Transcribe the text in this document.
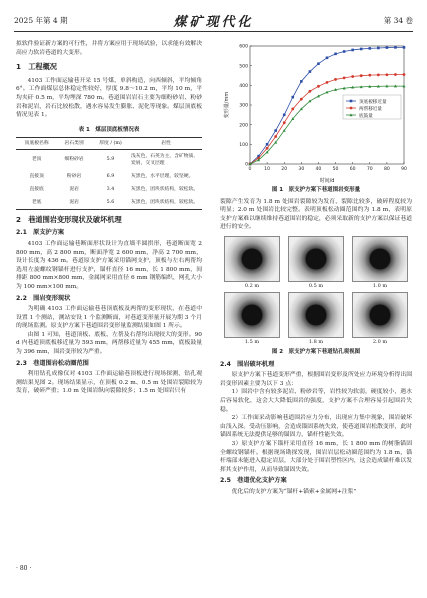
2025 年第 4 期	煤矿现代化	第 34 卷

拟软件验证新方案的可行性，并将方案应用于现场试验，以求能有效解决高应力软岩巷道的大变形。

1　工程概况

4103 工作面运输巷开采 15 号煤，单斜构造，向西倾斜，平均倾角 6°。工作面煤层总体稳定性较好，厚度 9.8～10.2 m，平均 10 m，平均夹矸 0.5 m，平均埋深 780 m。巷道围岩岩石主要为细粉砂岩、粉砂岩和泥岩，岩石比较松散，遇水容易发生膨胀、泥化等现象。煤层顶底板情况见表 1。

表 1　煤层顶底板情况表
顶底板名称	岩石类别	厚度 / (m)	岩性
老顶	细粉砂岩	5.9	浅灰色，石英为主，含矿物质、炭屑，交叉层理
直接顶	粉砂岩	6.9	灰黑色，水平层理，较坚硬。
直接底	泥岩	3.4	灰黑色，团块状结构，较松软。
老底	泥岩	5.6	灰黑色，团块状结构，较松软。
2　巷道围岩变形现状及破坏机理
2.1　原支护方案

4103 工作面运输巷断面形状设计为直墙半圆拱形，巷道断面宽 2 800 mm，高 2 800 mm，断面净宽 2 600 mm，净高 2 700 mm，设计长度为 436 m。巷道原支护方案采用锚网支护，顶板与左右两帮均选用左旋螺纹钢锚杆进行支护，锚杆直径 16 mm，长 1 800 mm，间排距 800 mm×800 mm，金属网采用直径 6 mm 钢筋编织，网孔大小为 100 mm×100 mm。

2.2　围岩变形现状

为明确 4103 工作面运输巷巷顶底板及两帮的变形现状，在巷道中设置 1 个测站，测站安设 1 个监测断面，对巷道变形量开展为期 3 个月的现场监测。原支护方案下巷道围岩变形量监测结果如图 1 所示。

由图 1 可知，巷道顶板、底板、左帮及右帮均出现较大的变形。90 d 内巷道顶底板移近量为 593 mm，两帮移近量为 455 mm，底板鼓量为 396 mm，围岩变形较为严重。

2.3　巷道围岩松动圈范围

利用钻孔成像仪对 4103 工作面运输巷顶板进行现场探测，钻孔观测结果见图 2。现场结果显示，在顶板 0.2 m、0.5 m 处围岩裂隙较为发育，破碎严重；1.0 m 处围岩纵向裂隙较多；1.5 m 处围岩只有

0	10 20 30 40 50 60 70 80 90
0
100
200
300
400
500
600
时间/d
变形量/mm	顶底板移近量
两帮移近量
底鼓量
图 1　原支护方案下巷道围岩变形量

裂隙产生发育为 1.8 m 处围岩裂隙较为发育，裂隙比较多，破碎程度较为明显；2.0 m 处围岩比较完整。表明顶板松动圈范围约为 1.8 m，表明原支护方案难以继续维持巷道围岩的稳定，必须采取新的支护方案以保证巷道进行的安全。

0.2 m	0.5 m	1.0 m
1.5 m	1.8 m	2.0 m
图 2　原支护方案下巷道钻孔观视图
2.4　围岩破坏机理

原支护方案下巷道变形严重，根据围岩变形及所处应力环境分析得出围岩变形因素主要为以下 3 点：

1）围岩中含有较多泥岩、粉砂岩等，岩性较为软弱，硬度较小，遇水后容易软化，这会大大降低围岩的强度，支护方案不合理容易引起围岩失稳。

2）工作面采动影响巷道围岩应力分布，出现应力集中现象，围岩破坏由浅入深。受动压影响，会造成锚固系统失效，使巷道围岩松散变形，此时锚固系统无法提供足够的锚固力，锚杆性能失效。

3）原支护方案下锚杆采用直径 16 mm，长 1 800 mm 的树脂锚固全螺纹钢锚杆。根据现场勘探发现，围岩岩层松动圈范围约为 1.8 m，锚杆端部未能进入稳定岩层，大部分处于围岩塑性区内，这会造成锚杆难以发挥其支护作用，从而导致锚固失效。

2.5　巷道优化支护方案

优化后的支护方案为“锚杆+锚索+金属网+注浆”

· 80 ·
